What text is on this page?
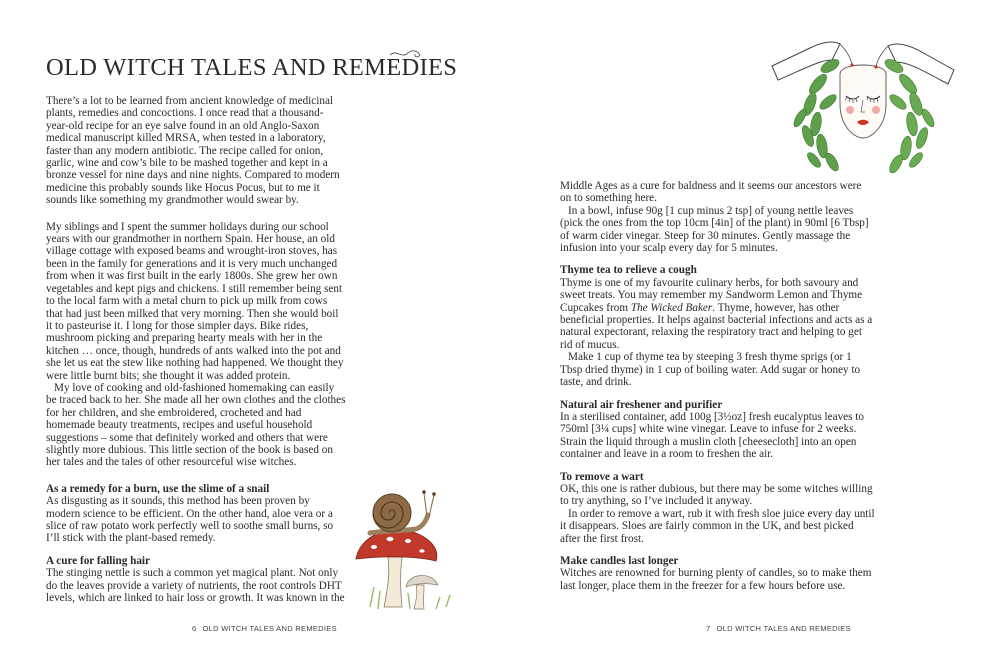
OLD WITCH TALES AND REMEDIES

There’s a lot to be learned from ancient knowledge of medicinal plants, remedies and concoctions. I once read that a thousand-year-old recipe for an eye salve found in an old Anglo-Saxon medical manuscript killed MRSA, when tested in a laboratory, faster than any modern antibiotic. The recipe called for onion, garlic, wine and cow’s bile to be mashed together and kept in a bronze vessel for nine days and nine nights. Compared to modern medicine this probably sounds like Hocus Pocus, but to me it sounds like something my grandmother would swear by.

My siblings and I spent the summer holidays during our school years with our grandmother in northern Spain. Her house, an old village cottage with exposed beams and wrought-iron stoves, has been in the family for generations and it is very much unchanged from when it was first built in the early 1800s. She grew her own vegetables and kept pigs and chickens. I still remember being sent to the local farm with a metal churn to pick up milk from cows that had just been milked that very morning. Then she would boil it to pasteurise it. I long for those simpler days. Bike rides, mushroom picking and preparing hearty meals with her in the kitchen … once, though, hundreds of ants walked into the pot and she let us eat the stew like nothing had happened. We thought they were little burnt bits; she thought it was added protein.

My love of cooking and old-fashioned homemaking can easily be traced back to her. She made all her own clothes and the clothes for her children, and she embroidered, crocheted and had homemade beauty treatments, recipes and useful household suggestions – some that definitely worked and others that were slightly more dubious. This little section of the book is based on her tales and the tales of other resourceful wise witches.

As a remedy for a burn, use the slime of a snail

As disgusting as it sounds, this method has been proven by modern science to be efficient. On the other hand, aloe vera or a slice of raw potato work perfectly well to soothe small burns, so I’ll stick with the plant-based remedy.

A cure for falling hair

The stinging nettle is such a common yet magical plant. Not only do the leaves provide a variety of nutrients, the root controls DHT levels, which are linked to hair loss or growth. It was known in the

6 OLD WITCH TALES AND REMEDIES

Middle Ages as a cure for baldness and it seems our ancestors were on to something here.

In a bowl, infuse 90g [1 cup minus 2 tsp] of young nettle leaves (pick the ones from the top 10cm [4in] of the plant) in 90ml [6 Tbsp] of warm cider vinegar. Steep for 30 minutes. Gently massage the infusion into your scalp every day for 5 minutes.

Thyme tea to relieve a cough

Thyme is one of my favourite culinary herbs, for both savoury and sweet treats. You may remember my Sandworm Lemon and Thyme Cupcakes from The Wicked Baker. Thyme, however, has other beneficial properties. It helps against bacterial infections and acts as a natural expectorant, relaxing the respiratory tract and helping to get rid of mucus.

Make 1 cup of thyme tea by steeping 3 fresh thyme sprigs (or 1 Tbsp dried thyme) in 1 cup of boiling water. Add sugar or honey to taste, and drink.

Natural air freshener and purifier

In a sterilised container, add 100g [3½oz] fresh eucalyptus leaves to 750ml [3¼ cups] white wine vinegar. Leave to infuse for 2 weeks. Strain the liquid through a muslin cloth [cheesecloth] into an open container and leave in a room to freshen the air.

To remove a wart

OK, this one is rather dubious, but there may be some witches willing to try anything, so I’ve included it anyway.

In order to remove a wart, rub it with fresh sloe juice every day until it disappears. Sloes are fairly common in the UK, and best picked after the first frost.

Make candles last longer

Witches are renowned for burning plenty of candles, so to make them last longer, place them in the freezer for a few hours before use.

7 OLD WITCH TALES AND REMEDIES
